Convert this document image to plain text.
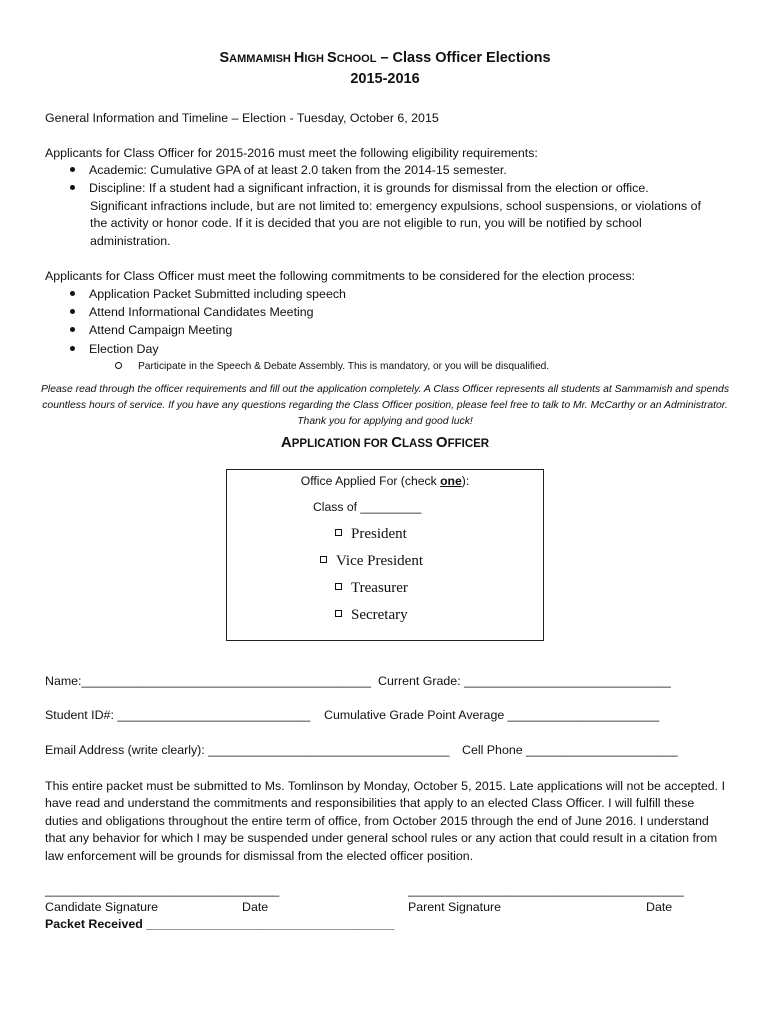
SAMMAMISH HIGH SCHOOL – Class Officer Elections
2015-2016
General Information and Timeline – Election - Tuesday, October 6, 2015
Applicants for Class Officer for 2015-2016 must meet the following eligibility requirements:
Academic: Cumulative GPA of at least 2.0 taken from the 2014-15 semester.
Discipline: If a student had a significant infraction, it is grounds for dismissal from the election or office.
Significant infractions include, but are not limited to: emergency expulsions, school suspensions, or violations of
the activity or honor code. If it is decided that you are not eligible to run, you will be notified by school
administration.
Applicants for Class Officer must meet the following commitments to be considered for the election process:
Application Packet Submitted including speech
Attend Informational Candidates Meeting
Attend Campaign Meeting
Election Day
Participate in the Speech & Debate Assembly. This is mandatory, or you will be disqualified.
Please read through the officer requirements and fill out the application completely. A Class Officer represents all students at Sammamish and spends countless hours of service. If you have any questions regarding the Class Officer position, please feel free to talk to Mr. McCarthy or an Administrator. Thank you for applying and good luck!
APPLICATION FOR CLASS OFFICER
Office Applied For (check one):
Class of _________
President
Vice President
Treasurer
Secretary
Name:__________________________________________ Current Grade: ______________________________
Student ID#: ____________________________ Cumulative Grade Point Average ______________________
Email Address (write clearly): ___________________________________ Cell Phone ______________________
This entire packet must be submitted to Ms. Tomlinson by Monday, October 5, 2015. Late applications will not be accepted. I have read and understand the commitments and responsibilities that apply to an elected Class Officer. I will fulfill these duties and obligations throughout the entire term of office, from October 2015 through the end of June 2016. I understand that any behavior for which I may be suspended under general school rules or any action that could result in a citation from law enforcement will be grounds for dismissal from the elected officer position.
__________________________________	________________________________________
Candidate Signature	Date	Parent Signature	Date
Packet Received ____________________________________
